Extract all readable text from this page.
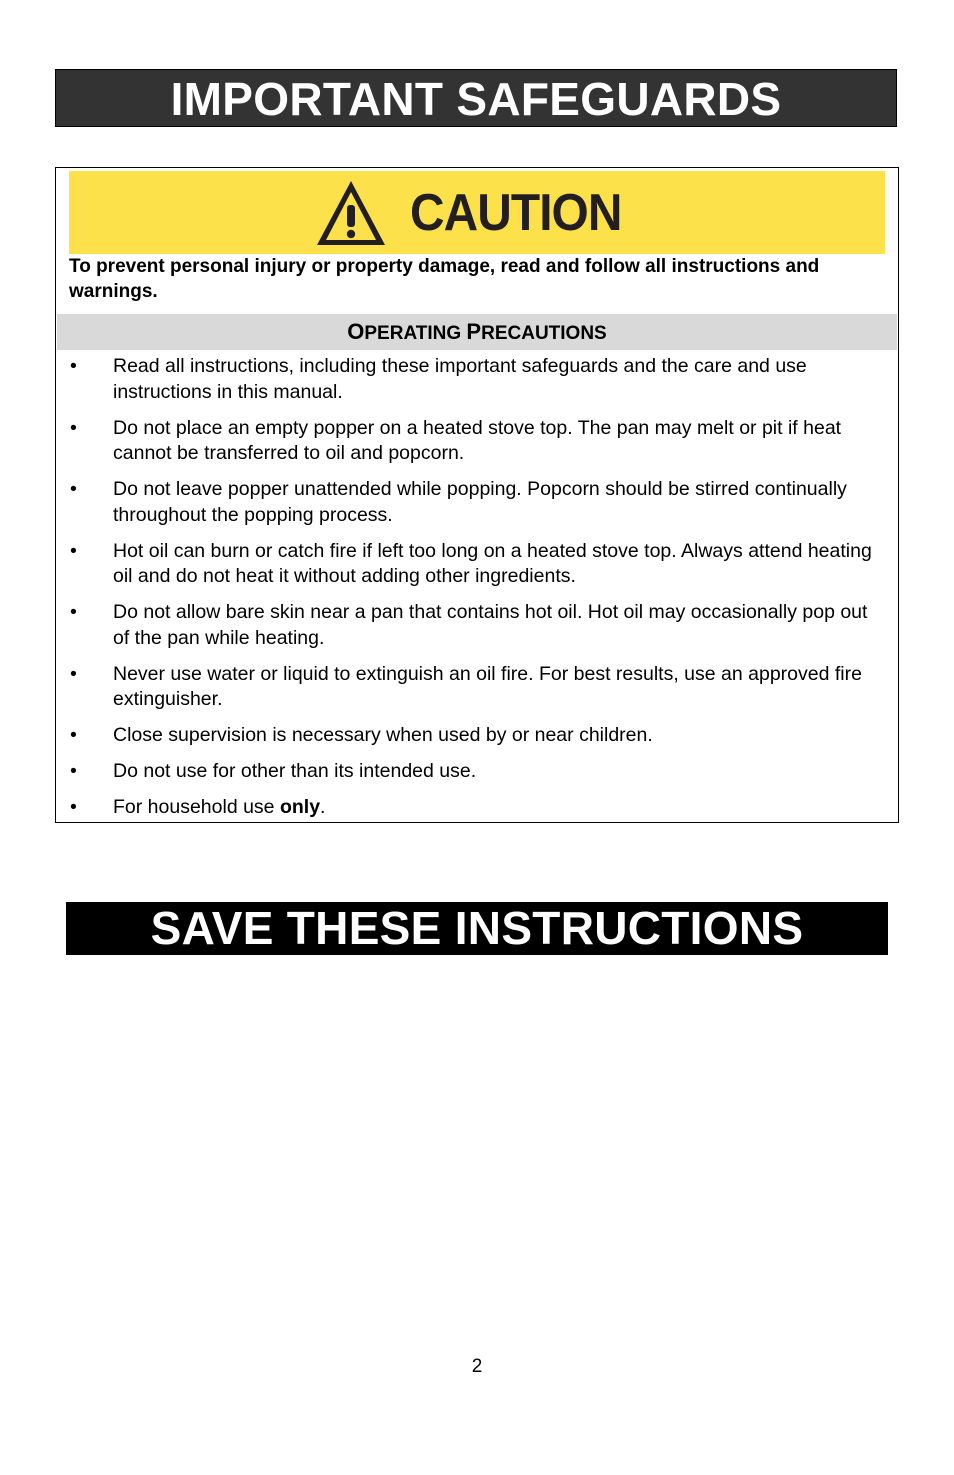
IMPORTANT SAFEGUARDS
CAUTION
To prevent personal injury or property damage, read and follow all instructions and warnings.
OPERATING PRECAUTIONS
• Read all instructions, including these important safeguards and the care and use instructions in this manual.
• Do not place an empty popper on a heated stove top. The pan may melt or pit if heat cannot be transferred to oil and popcorn.
• Do not leave popper unattended while popping. Popcorn should be stirred continually throughout the popping process.
• Hot oil can burn or catch fire if left too long on a heated stove top. Always attend heating oil and do not heat it without adding other ingredients.
• Do not allow bare skin near a pan that contains hot oil. Hot oil may occasionally pop out of the pan while heating.
• Never use water or liquid to extinguish an oil fire. For best results, use an approved fire extinguisher.
• Close supervision is necessary when used by or near children.
• Do not use for other than its intended use.
• For household use only.
SAVE THESE INSTRUCTIONS
2
